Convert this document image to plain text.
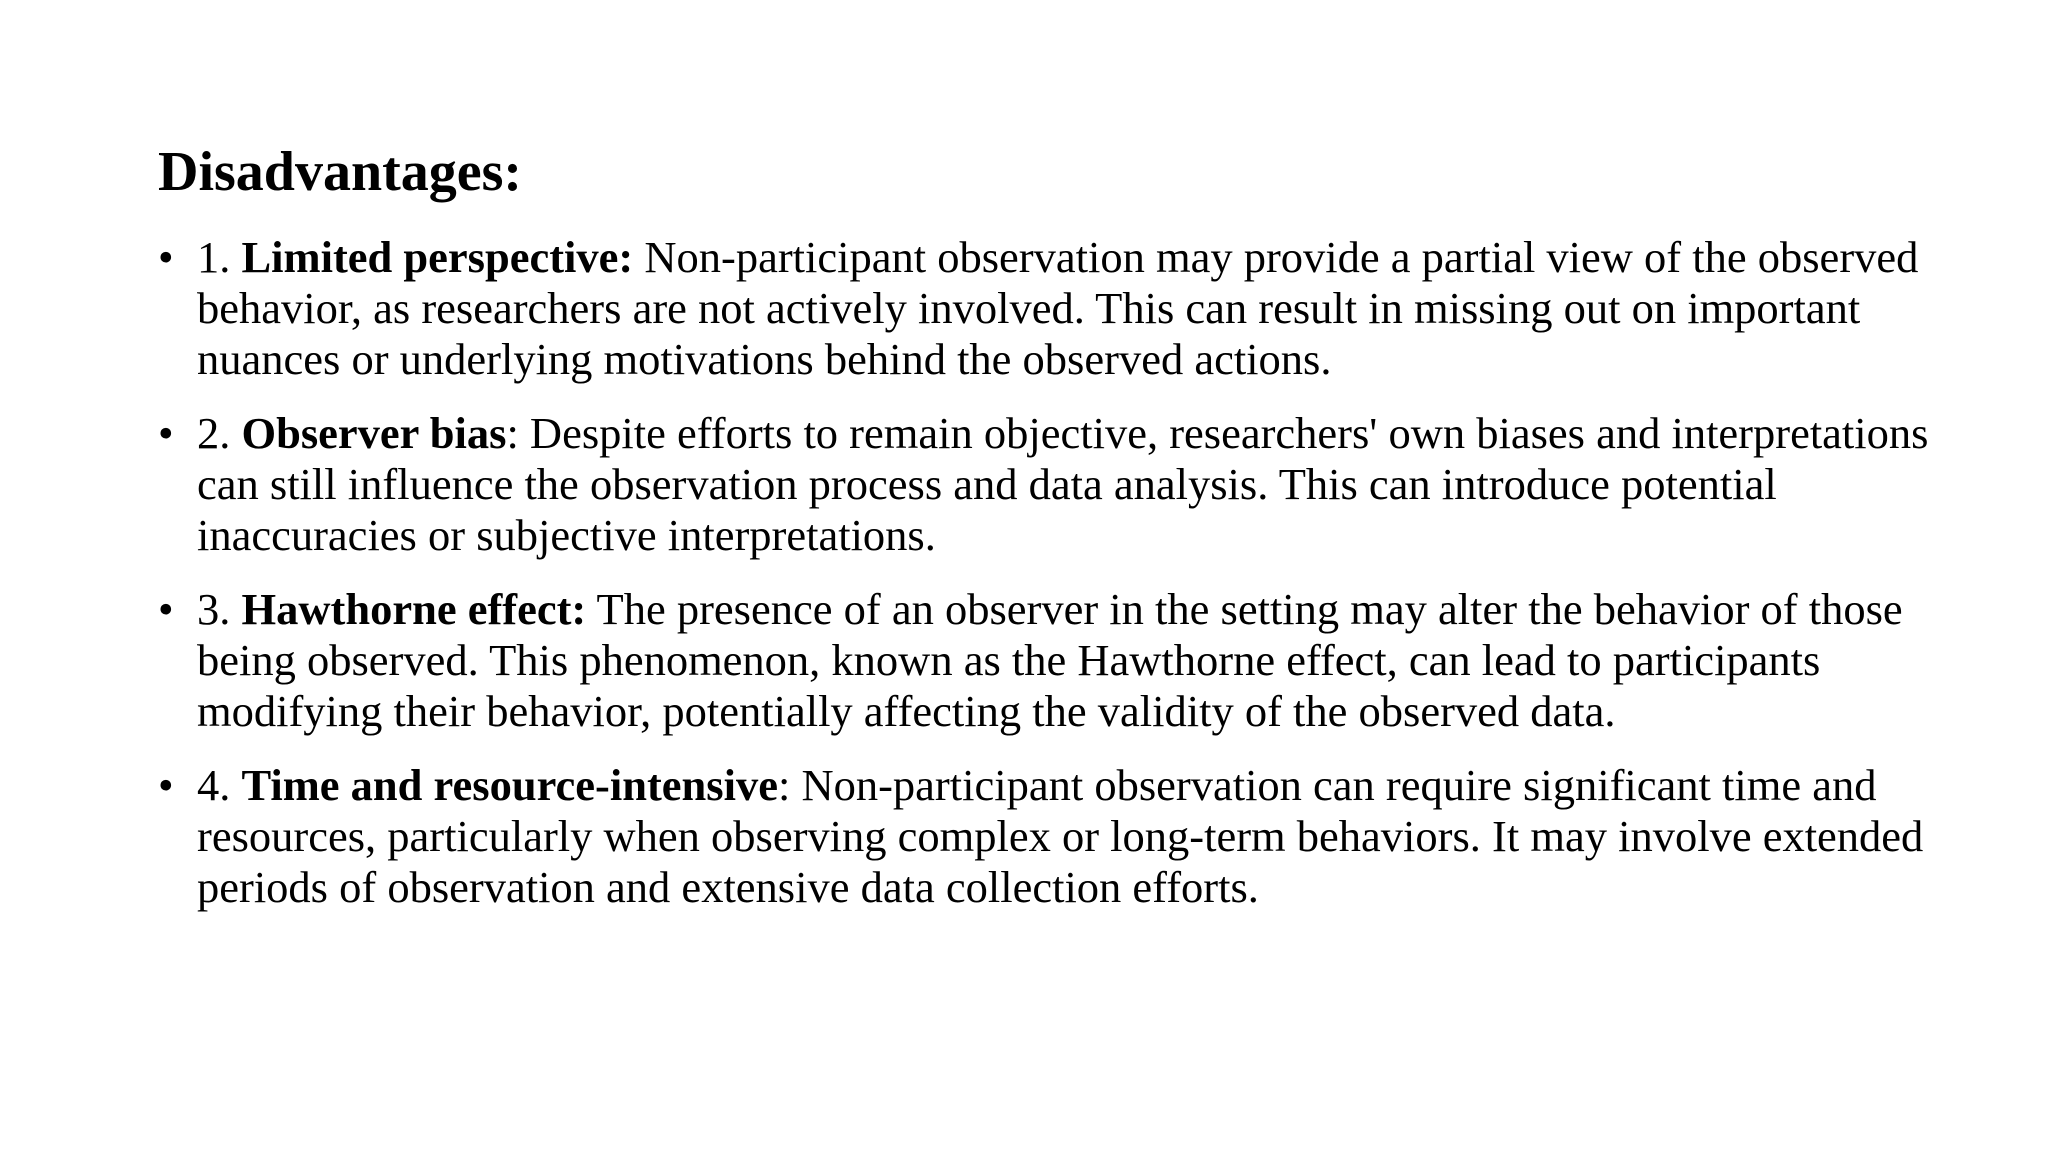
Disadvantages:
• 1. Limited perspective: Non-participant observation may provide a partial view of the observed behavior, as researchers are not actively involved. This can result in missing out on important nuances or underlying motivations behind the observed actions.
• 2. Observer bias: Despite efforts to remain objective, researchers' own biases and interpretations can still influence the observation process and data analysis. This can introduce potential inaccuracies or subjective interpretations.
• 3. Hawthorne effect: The presence of an observer in the setting may alter the behavior of those being observed. This phenomenon, known as the Hawthorne effect, can lead to participants modifying their behavior, potentially affecting the validity of the observed data.
• 4. Time and resource-intensive: Non-participant observation can require significant time and resources, particularly when observing complex or long-term behaviors. It may involve extended periods of observation and extensive data collection efforts.
